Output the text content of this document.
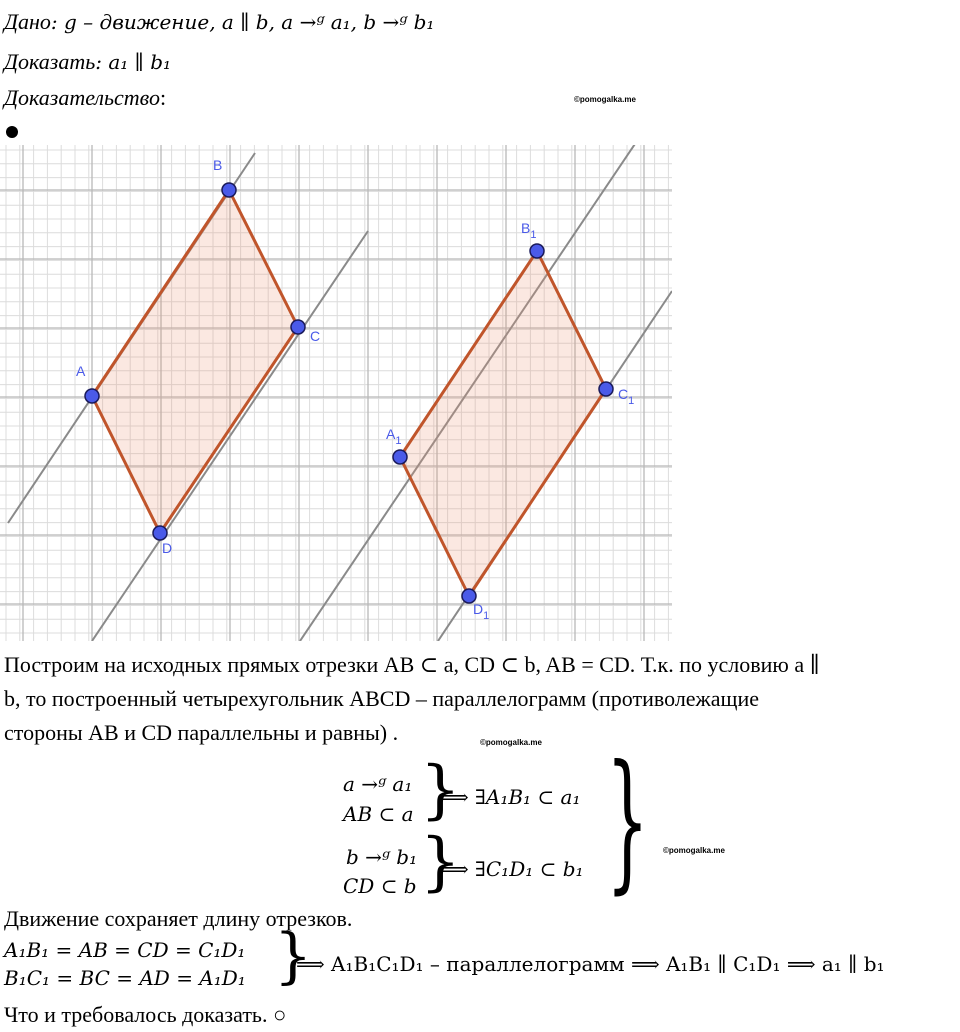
Дано: g – движение, a ∥ b, a →ᵍ a₁, b →ᵍ b₁
Доказать: a₁ ∥ b₁
Доказательство:	©pomogalka.me
A
B
C
D
$A_1$
$B_1$
$C_1$
$D_1$
Построим на исходных прямых отрезки AB ⊂ a, CD ⊂ b, AB = CD. Т.к. по условию a ∥
b, то построенный четырехугольник ABCD – параллелограмм (противолежащие
стороны AB и CD параллельны и равны) .	©pomogalka.me
a →ᵍ a₁
AB ⊂ a }
⟹ ∃A₁B₁ ⊂ a₁
b →ᵍ b₁
CD ⊂ b }
⟹ ∃C₁D₁ ⊂ b₁ } ©pomogalka.me
Движение сохраняет длину отрезков.
A₁B₁ = AB = CD = C₁D₁
B₁C₁ = BC = AD = A₁D₁ }
⟹ A₁B₁C₁D₁ – параллелограмм ⟹ A₁B₁ ∥ C₁D₁ ⟹ a₁ ∥ b₁
Что и требовалось доказать. ○
